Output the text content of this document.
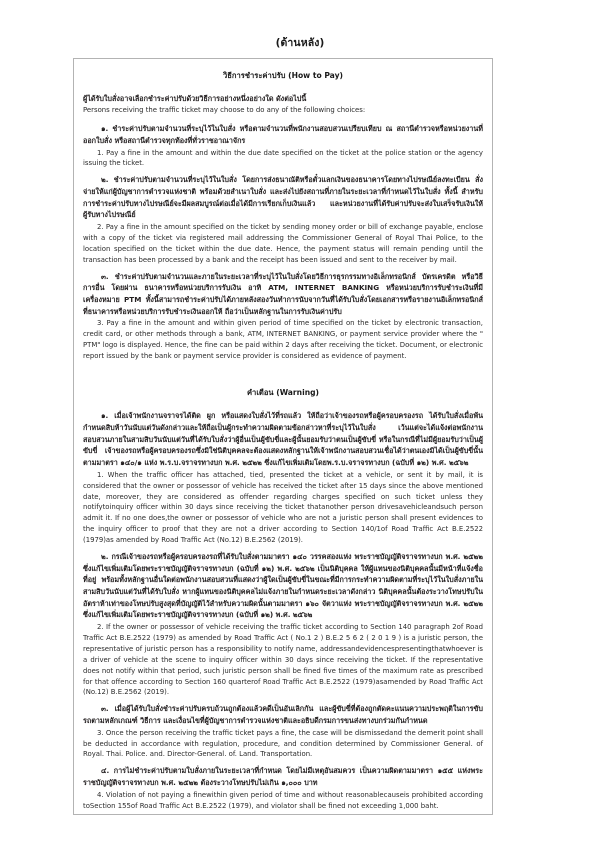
(ด้านหลัง)
วิธีการชำระค่าปรับ (How to Pay)
ผู้ได้รับใบสั่งอาจเลือกชำระค่าปรับด้วยวิธีการอย่างหนึ่งอย่างใด ดังต่อไปนี้

Persons receiving the traffic ticket may choose to do any of the following choices:

๑. ชำระค่าปรับตามจำนวนที่ระบุไว้ในใบสั่ง หรือตามจำนวนที่พนักงานสอบสวนเปรียบเทียบ ณ สถานีตำรวจหรือหน่วยงานที่ออกใบสั่ง หรือสถานีตำรวจทุกท้องที่ทั่วราชอาณาจักร

1. Pay a fine in the amount and within the due date specified on the ticket at the police station or the agency issuing the ticket.

๒. ชำระค่าปรับตามจำนวนที่ระบุไว้ในใบสั่ง โดยการส่งธนาณัติหรือตั๋วแลกเงินของธนาคารโดยทางไปรษณีย์ลงทะเบียน สั่งจ่ายให้แก่ผู้บัญชาการตำรวจแห่งชาติ พร้อมด้วยสำเนาใบสั่ง และส่งไปยังสถานที่ภายในระยะเวลาที่กำหนดไว้ในใบสั่ง ทั้งนี้ สำหรับการชำระค่าปรับทางไปรษณีย์จะมีผลสมบูรณ์ต่อเมื่อได้มีการเรียกเก็บเงินแล้ว และหน่วยงานที่ได้รับค่าปรับจะส่งใบเสร็จรับเงินให้ผู้รับทางไปรษณีย์

2. Pay a fine in the amount specified on the ticket by sending money order or bill of exchange payable, enclose with a copy of the ticket via registered mail addressing the Commissioner General of Royal Thai Police, to the location specified on the ticket within the due date. Hence, the payment status will remain pending until the transaction has been processed by a bank and the receipt has been issued and sent to the receiver by mail.

๓. ชำระค่าปรับตามจำนวนและภายในระยะเวลาที่ระบุไว้ในใบสั่งโดยวิธีการธุรกรรมทางอิเล็กทรอนิกส์ บัตรเครดิต หรือวิธีการอื่น โดยผ่าน ธนาคารหรือหน่วยบริการรับเงิน อาทิ ATM, INTERNET BANKING หรือหน่วยบริการรับชำระเงินที่มีเครื่องหมาย PTM ทั้งนี้สามารถชำระค่าปรับได้ภายหลังสองวันทำการนับจากวันที่ได้รับใบสั่งโดยเอกสารหรือรายงานอิเล็กทรอนิกส์ที่ธนาคารหรือหน่วยบริการรับชำระเงินออกให้ ถือว่าเป็นหลักฐานในการรับเงินค่าปรับ

3. Pay a fine in the amount and within given period of time specified on the ticket by electronic transaction, credit card, or other methods through a bank, ATM, INTERNET BANKING, or payment service provider where the " PTM" logo is displayed. Hence, the fine can be paid within 2 days after receiving the ticket. Document, or electronic report issued by the bank or payment service provider is considered as evidence of payment.

คำเตือน (Warning)

๑. เมื่อเจ้าพนักงานจราจรได้ติด ผูก หรือแสดงใบสั่งไว้ที่รถแล้ว ให้ถือว่าเจ้าของรถหรือผู้ครอบครองรถ ได้รับใบสั่งเมื่อพ้นกำหนดสิบห้าวันนับแต่วันดังกล่าวและให้ถือเป็นผู้กระทำความผิดตามข้อกล่าวหาที่ระบุไว้ในใบสั่ง เว้นแต่จะได้แจ้งต่อพนักงานสอบสวนภายในสามสิบวันนับแต่วันที่ได้รับใบสั่งว่าผู้อื่นเป็นผู้ขับขี่และผู้นั้นยอมรับว่าตนเป็นผู้ขับขี่ หรือในกรณีที่ไม่มีผู้ยอมรับว่าเป็นผู้ขับขี่ เจ้าของรถหรือผู้ครอบครองรถซึ่งมิใช่นิติบุคคลจะต้องแสดงหลักฐานให้เจ้าพนักงานสอบสวนเชื่อได้ว่าตนเองมิได้เป็นผู้ขับขี่นั้นตามมาตรา ๑๔๐/๑ แห่ง พ.ร.บ.จราจรทางบก พ.ศ. ๒๕๒๒ ซึ่งแก้ไขเพิ่มเติมโดยพ.ร.บ.จราจรทางบก (ฉบับที่ ๑๒) พ.ศ. ๒๕๖๒

1. When the traffic officer has attached, tied, presented the ticket at a vehicle, or sent it by mail, it is considered that the owner or possessor of vehicle has received the ticket after 15 days since the above mentioned date, moreover, they are considered as offender regarding charges specified on such ticket unless they notifytoinquiry officer within 30 days since receiving the ticket thatanother person drivesavehicleandsuch person admit it. If no one does,the owner or possessor of vehicle who are not a juristic person shall present evidences to the inquiry officer to proof that they are not a driver according to Section 140/1of Road Traffic Act B.E.2522 (1979)as amended by Road Traffic Act (No.12) B.E.2562 (2019).

๒. กรณีเจ้าของรถหรือผู้ครอบครองรถที่ได้รับใบสั่งตามมาตรา ๑๔๐ วรรคสองแห่ง พระราชบัญญัติจราจรทางบก พ.ศ. ๒๕๒๒ ซึ่งแก้ไขเพิ่มเติมโดยพระราชบัญญัติจราจรทางบก (ฉบับที่ ๑๒) พ.ศ. ๒๕๖๒ เป็นนิติบุคคล ให้ผู้แทนของนิติบุคคลนั้นมีหน้าที่แจ้งชื่อ ที่อยู่ พร้อมทั้งหลักฐานอื่นใดต่อพนักงานสอบสวนที่แสดงว่าผู้ใดเป็นผู้ขับขี่ในขณะที่มีการกระทำความผิดตามที่ระบุไว้ในใบสั่งภายในสามสิบวันนับแต่วันที่ได้รับใบสั่ง หากผู้แทนของนิติบุคคลไม่แจ้งภายในกำหนดระยะเวลาดังกล่าว นิติบุคคลนั้นต้องระวางโทษปรับในอัตราห้าเท่าของโทษปรับสูงสุดที่บัญญัติไว้สำหรับความผิดนั้นตามมาตรา ๑๖๐ จัตวาแห่ง พระราชบัญญัติจราจรทางบก พ.ศ. ๒๕๒๒ ซึ่งแก้ไขเพิ่มเติมโดยพระราชบัญญัติจราจรทางบก (ฉบับที่ ๑๒) พ.ศ. ๒๕๖๒

2. If the owner or possessor of vehicle receiving the traffic ticket according to Section 140 paragraph 2of Road Traffic Act B.E.2522 (1979) as amended by Road Traffic Act ( No.1 2 ) B.E.2 5 6 2 ( 2 0 1 9 ) is a juristic person, the representative of juristic person has a responsibility to notify name, addressandevidencespresentingthatwhoever is a driver of vehicle at the scene to inquiry officer within 30 days since receiving the ticket. If the representative does not notify within that period, such juristic person shall be fined five times of the maximum rate as prescribed for that offence according to Section 160 quarterof Road Traffic Act B.E.2522 (1979)asamended by Road Traffic Act (No.12) B.E.2562 (2019).

๓. เมื่อผู้ได้รับใบสั่งชำระค่าปรับครบถ้วนถูกต้องแล้วคดีเป็นอันเลิกกัน และผู้ขับขี่ที่ต้องถูกตัดคะแนนความประพฤติในการขับรถตามหลักเกณฑ์ วิธีการ และเงื่อนไขที่ผู้บัญชาการตำรวจแห่งชาติและอธิบดีกรมการขนส่งทางบกร่วมกันกำหนด

3. Once the person receiving the traffic ticket pays a fine, the case will be dismissedand the demerit point shall be deducted in accordance with regulation, procedure, and condition determined by Commissioner General. of Royal. Thai. Police. and. Director-General. of. Land. Transportation.

๔. การไม่ชำระค่าปรับตามใบสั่งภายในระยะเวลาที่กำหนด โดยไม่มีเหตุอันสมควร เป็นความผิดตามมาตรา ๑๕๕ แห่งพระราชบัญญัติจราจรทางบก พ.ศ. ๒๕๒๒ ต้องระวางโทษปรับไม่เกิน ๑,๐๐๐ บาท

4. Violation of not paying a finewithin given period of time and without reasonablecauseis prohibited according toSection 155of Road Traffic Act B.E.2522 (1979), and violator shall be fined not exceeding 1,000 baht.
